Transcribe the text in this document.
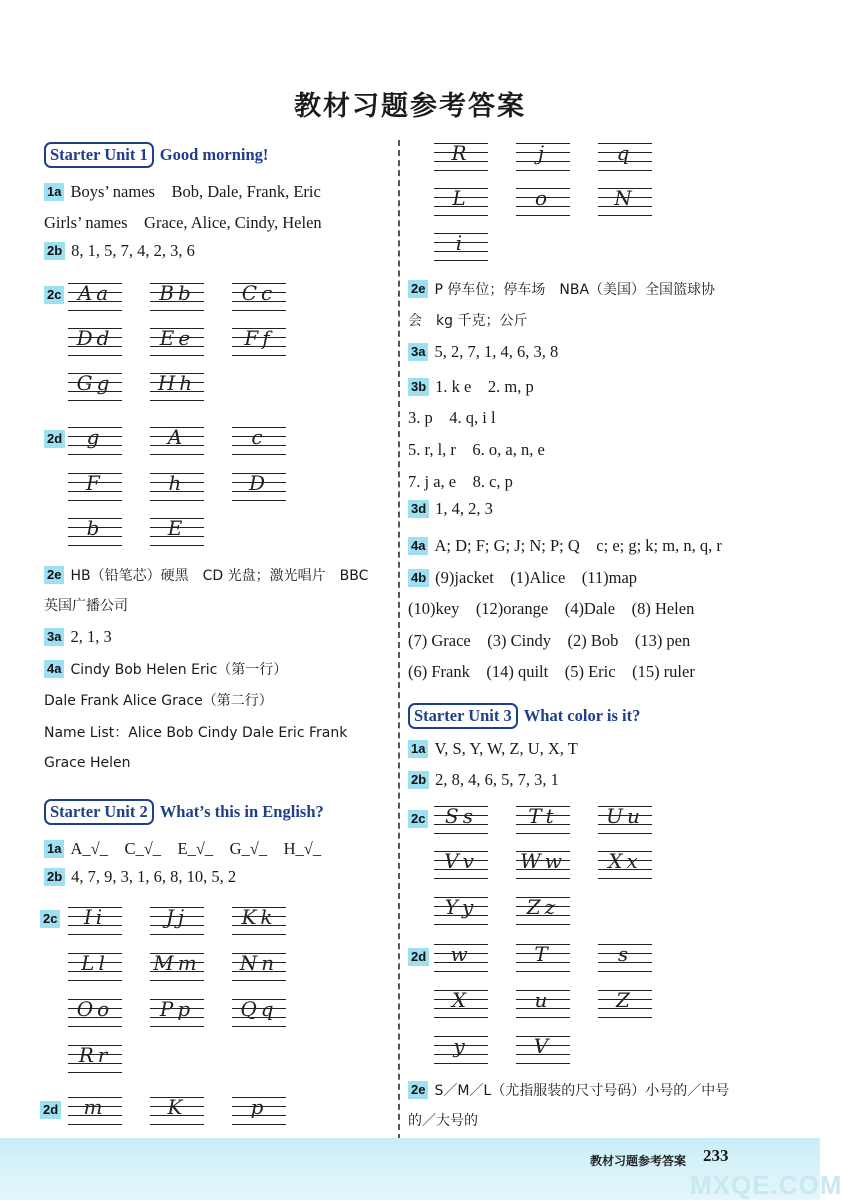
教材习题参考答案
Starter Unit 1 Good morning!
1a Boys’ names　Bob, Dale, Frank, Eric
Girls’ names　Grace, Alice, Cindy, Helen
2b 8, 1, 5, 7, 4, 2, 3, 6
2c Aa	Bb	Cc
Dd	Ee	Ff
Gg	Hh
2d	g	A	c
F	h	D
b	E
2e HB（铅笔芯）硬黑　CD 光盘；激光唱片　BBC
英国广播公司
3a 2, 1, 3
4a Cindy Bob Helen Eric（第一行）
Dale Frank Alice Grace（第二行）
Name List：Alice Bob Cindy Dale Eric Frank
Grace Helen
Starter Unit 2 What’s this in English?
1a A_√_　C_√_　E_√_　G_√_　H_√_
2b 4, 7, 9, 3, 1, 6, 8, 10, 5, 2
2c	Ii	Jj	Kk
Ll	Mm	Nn
Oo	Pp	Qq
Rr
2d	m	K	p
R	j	q
L	o	N
i
2e P 停车位；停车场　NBA（美国）全国篮球协
会　kg 千克；公斤
3a 5, 2, 7, 1, 4, 6, 3, 8
3b 1. k e　2. m, p
3. p　4. q, i l
5. r, l, r　6. o, a, n, e
7. j a, e　8. c, p
3d 1, 4, 2, 3
4a A; D; F; G; J; N; P; Q　c; e; g; k; m, n, q, r
4b (9)jacket　(1)Alice　(11)map
(10)key　(12)orange　(4)Dale　(8) Helen
(7) Grace　(3) Cindy　(2) Bob　(13) pen
(6) Frank　(14) quilt　(5) Eric　(15) ruler
Starter Unit 3 What color is it?
1a V, S, Y, W, Z, U, X, T
2b 2, 8, 4, 6, 5, 7, 3, 1
2c Ss	Tt	Uu
Vv	Ww	Xx
Yy	Zz
2d	w	T	s
X	u	Z
y	V
2e S／M／L（尤指服装的尺寸号码）小号的／中号
的／大号的
教材习题参考答案 233
MXQE.COM
